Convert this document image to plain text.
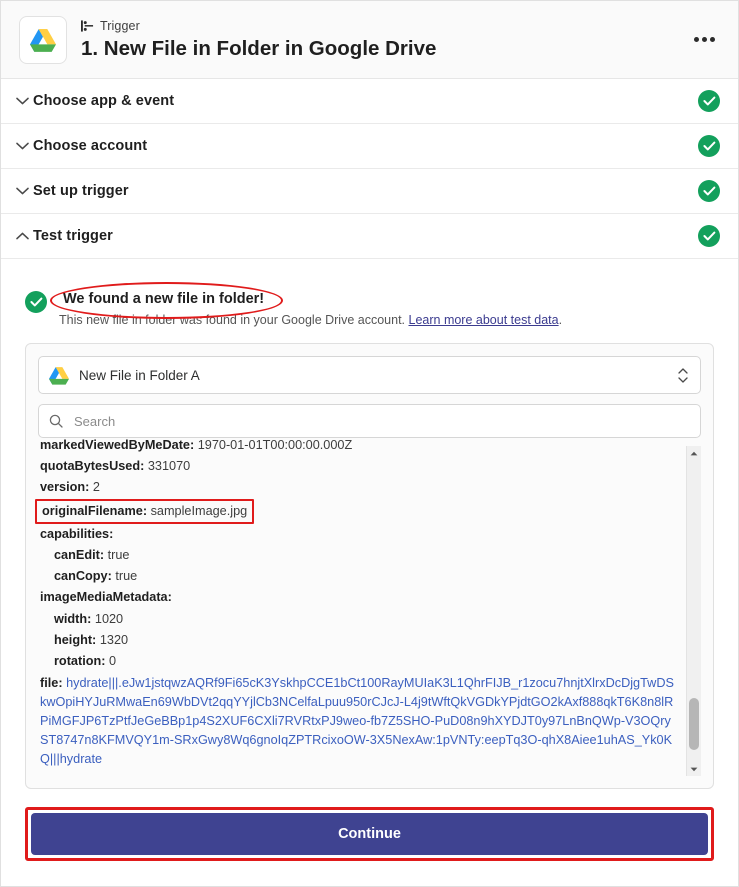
Trigger
1. New File in Folder in Google Drive
Choose app & event
Choose account
Set up trigger
Test trigger
We found a new file in folder!
This new file in folder was found in your Google Drive account. Learn more about test data.
New File in Folder A
Search
markedViewedByMeDate: 1970-01-01T00:00:00.000Z
quotaBytesUsed: 331070
version: 2
originalFilename: sampleImage.jpg
capabilities:
canEdit: true
canCopy: true
imageMediaMetadata:
width: 1020
height: 1320
rotation: 0
file: hydrate|||.eJw1jstqwzAQRf9Fi65cK3YskhpCCE1bCt100RayMUIaK3L1QhrFIJB_r1zocu7hnjtXlrxDcDjgTwDSkwOpiHYJuRMwaEn69WbDVt2qqYYjlCb3NCelfaLpuu950rCJcJ-L4j9tWftQkVGDkYPjdtGO2kAxf888qkT6K8n8lRPiMGFJP6TzPtfJeGeBBp1p4S2XUF6CXli7RVRtxPJ9weo-fb7Z5SHO-PuD08n9hXYDJT0y97LnBnQWp-V3OQryST8747n8KFMVQY1m-SRxGwy8Wq6gnoIqZPTRcixoOW-3X5NexAw:1pVNTy:eepTq3O-qhX8Aiee1uhAS_Yk0KQ|||hydrate
Continue
